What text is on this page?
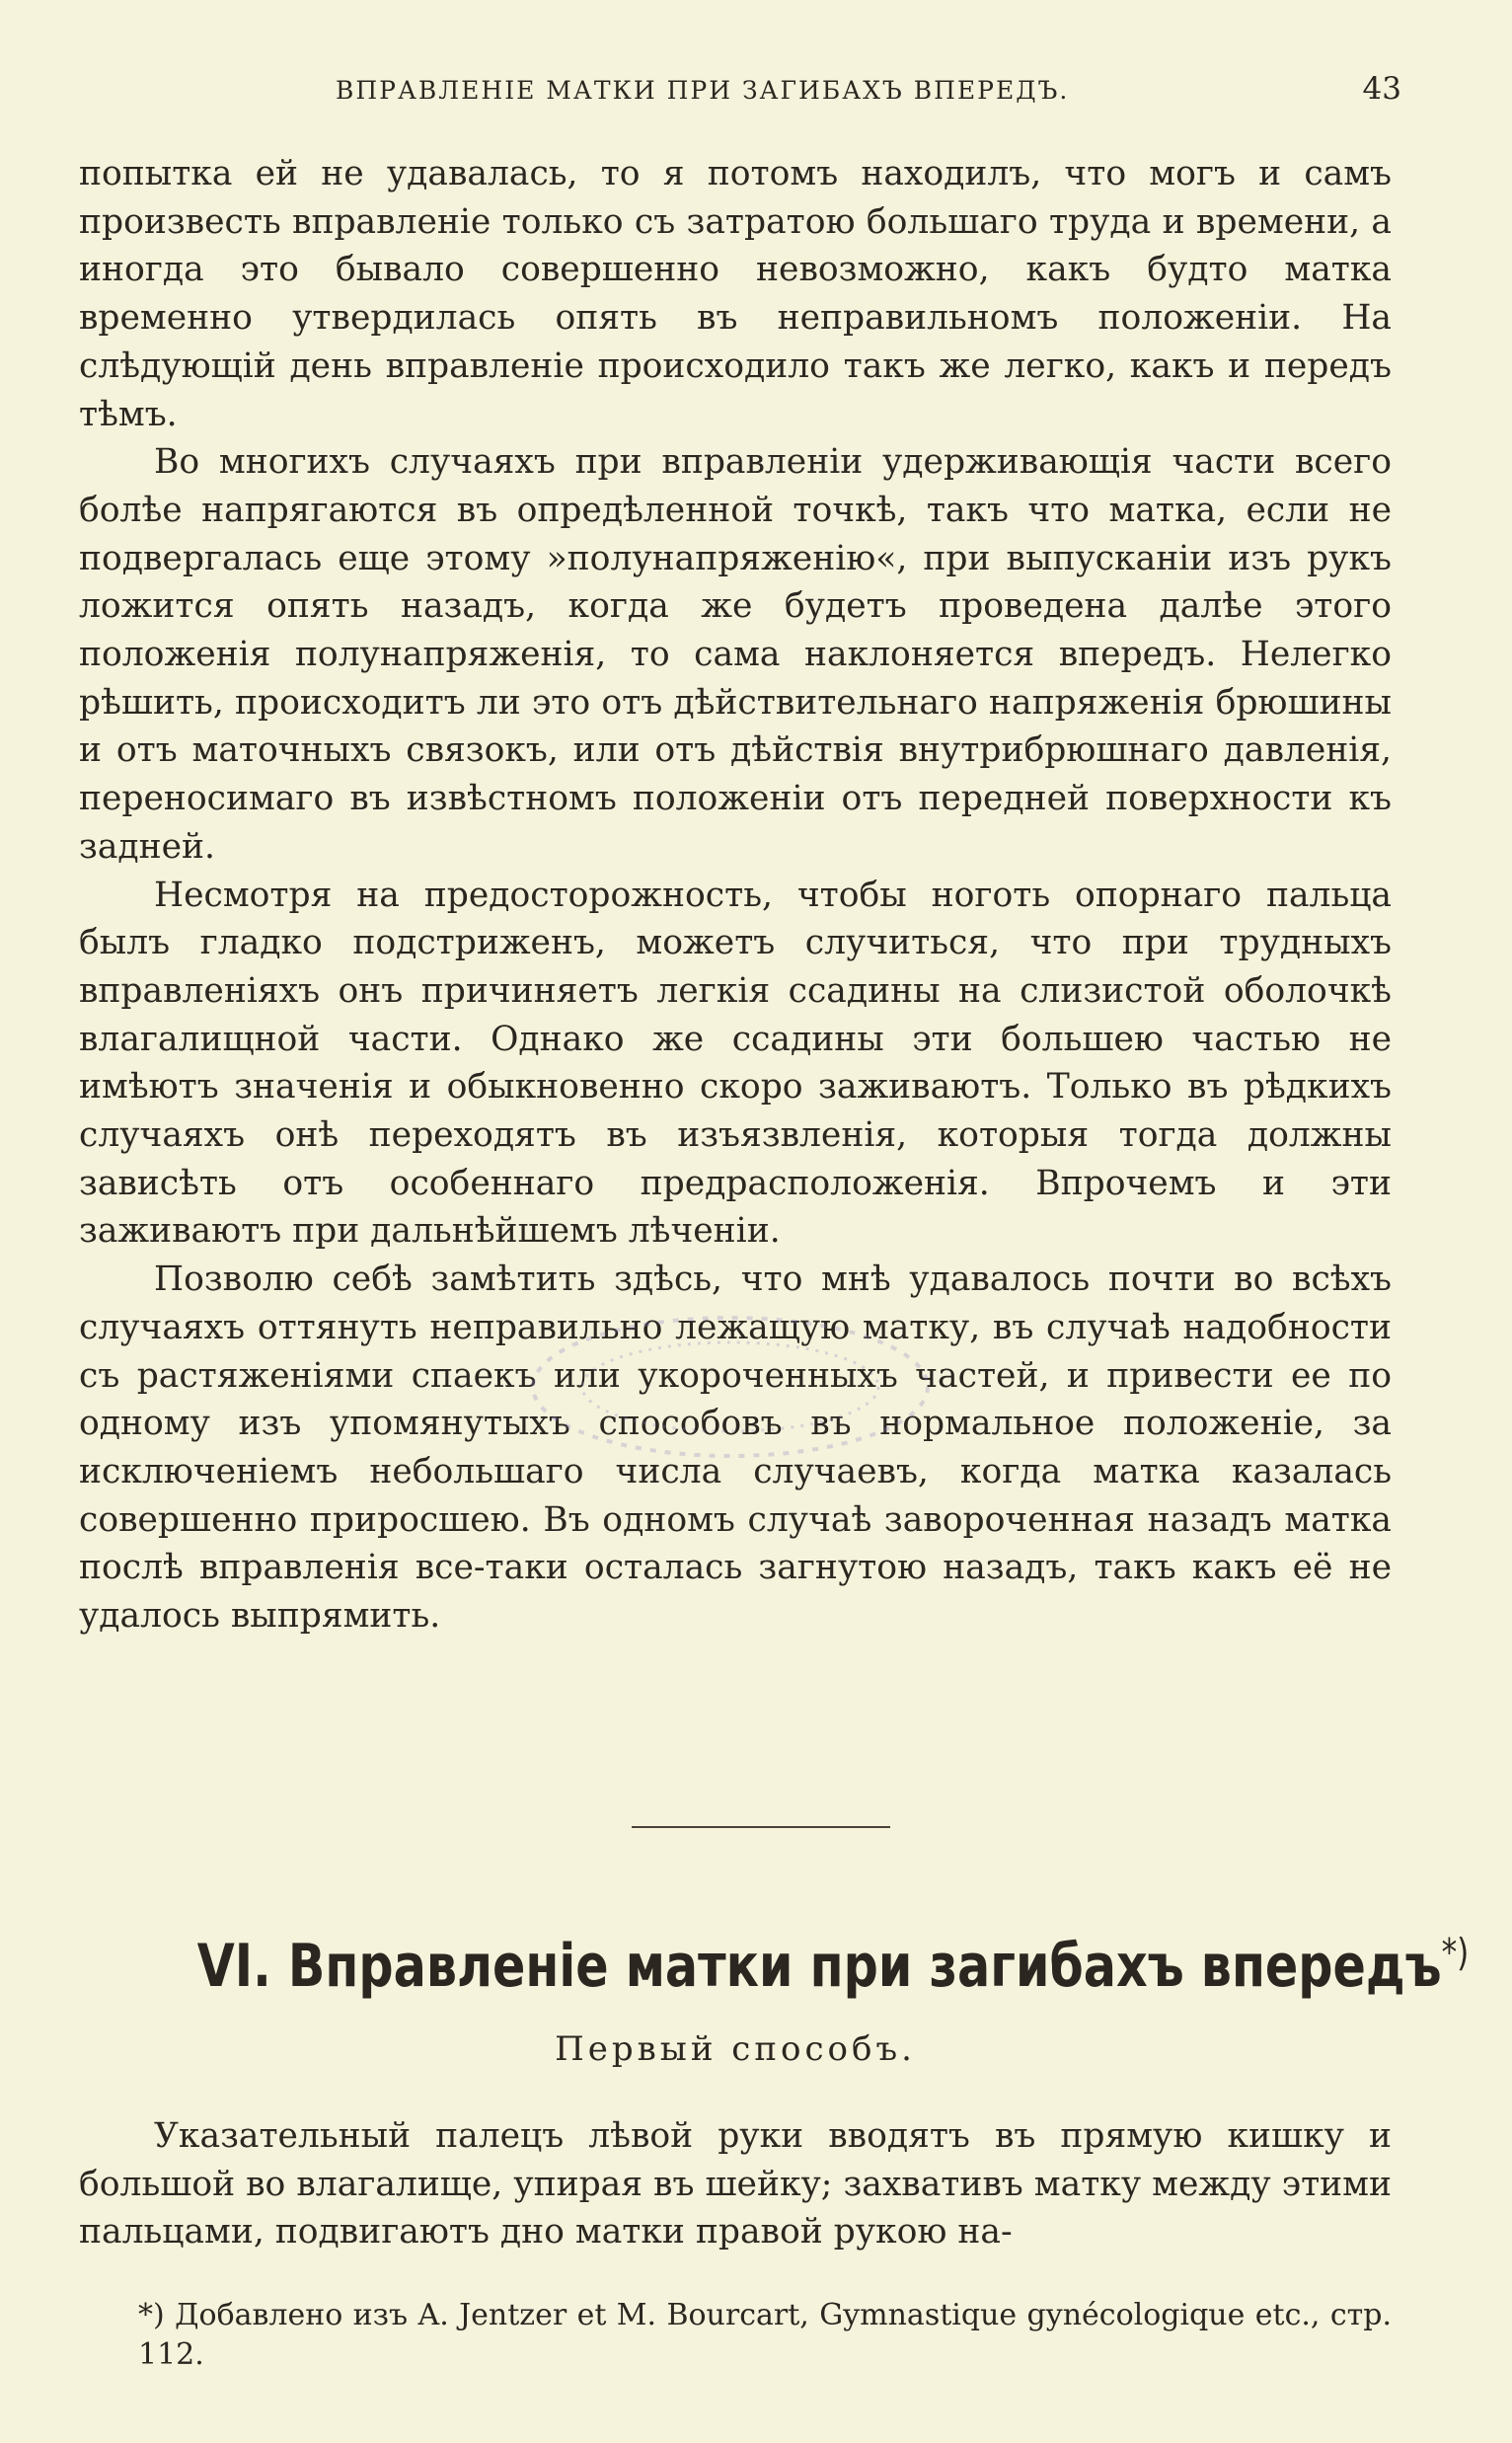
ВПРАВЛЕНІЕ МАТКИ ПРИ ЗАГИБАХЪ ВПЕРЕДЪ.	43

попытка ей не удавалась, то я потомъ находилъ, что могъ и самъ произвесть вправленіе только съ затратою большаго труда и времени, а иногда это бывало совершенно невозможно, какъ будто матка временно утвердилась опять въ неправильномъ положеніи. На слѣдующій день вправленіе происходило такъ же легко, какъ и передъ тѣмъ.

Во многихъ случаяхъ при вправленіи удерживающія части всего болѣе напрягаются въ опредѣленной точкѣ, такъ что матка, если не подвергалась еще этому »полунапряженію«, при выпусканіи изъ рукъ ложится опять назадъ, когда же будетъ проведена далѣе этого положенія полунапряженія, то сама наклоняется впередъ. Нелегко рѣшить, происходитъ ли это отъ дѣйствительнаго напряженія брюшины и отъ маточныхъ связокъ, или отъ дѣйствія внутрибрюшнаго давленія, переносимаго въ извѣстномъ положеніи отъ передней поверхности къ задней.

Несмотря на предосторожность, чтобы ноготь опорнаго пальца былъ гладко подстриженъ, можетъ случиться, что при трудныхъ вправленіяхъ онъ причиняетъ легкія ссадины на слизистой оболочкѣ влагалищной части. Однако же ссадины эти большею частью не имѣютъ значенія и обыкновенно скоро заживаютъ. Только въ рѣдкихъ случаяхъ онѣ переходятъ въ изъязвленія, которыя тогда должны зависѣть отъ особеннаго предрасположенія. Впрочемъ и эти заживаютъ при дальнѣйшемъ лѣченіи.

Позволю себѣ замѣтить здѣсь, что мнѣ удавалось почти во всѣхъ случаяхъ оттянуть неправильно лежащую матку, въ случаѣ надобности съ растяженіями спаекъ или укороченныхъ частей, и привести ее по одному изъ упомянутыхъ способовъ въ нормальное положеніе, за исключеніемъ небольшаго числа случаевъ, когда матка казалась совершенно приросшею. Въ одномъ случаѣ завороченная назадъ матка послѣ вправленія все-таки осталась загнутою назадъ, такъ какъ её не удалось выпрямить.

VI. Вправленіе матки при загибахъ впередъ*)
Первый способъ.

Указательный палецъ лѣвой руки вводятъ въ прямую кишку и большой во влагалище, упирая въ шейку; захвативъ матку между этими пальцами, подвигаютъ дно матки правой рукою на-

*) Добавлено изъ A. Jentzer et M. Bourcart, Gymnastique gynécologique etc., стр. 112.
